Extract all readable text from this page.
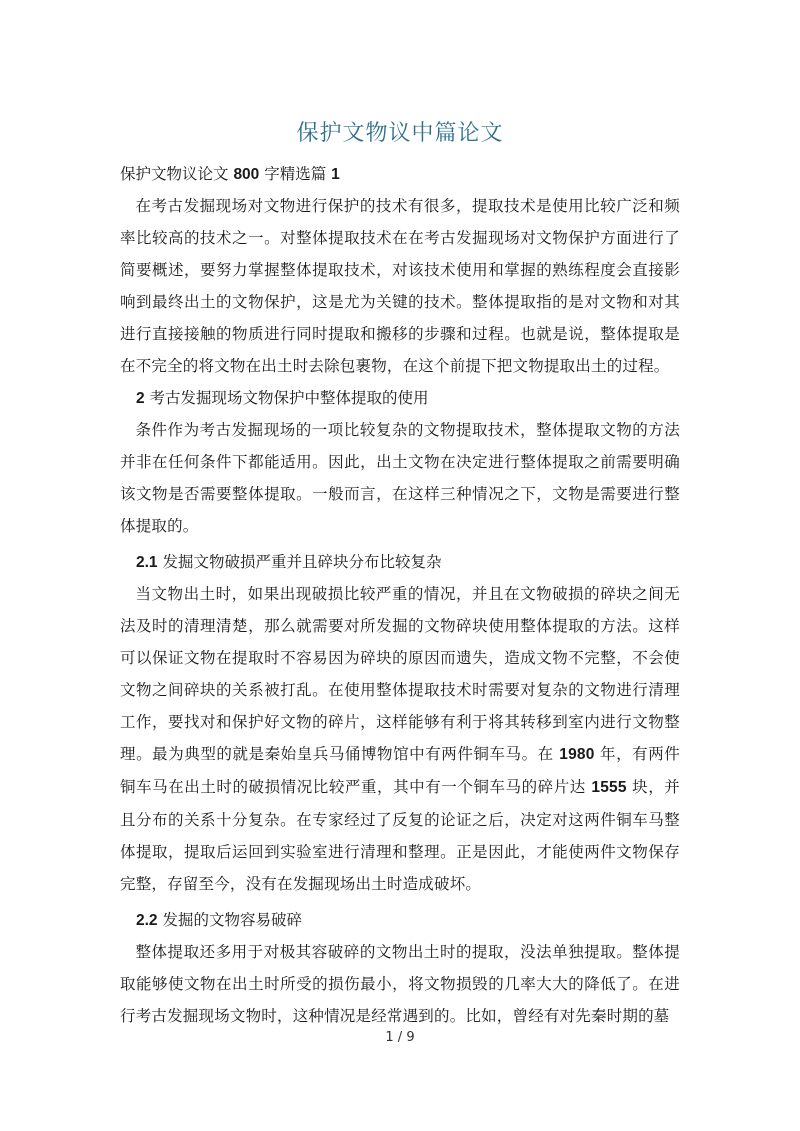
保护文物议中篇论文

保护文物议论文 800 字精选篇 1

在考古发掘现场对文物进行保护的技术有很多，提取技术是使用比较广泛和频率比较高的技术之一。对整体提取技术在在考古发掘现场对文物保护方面进行了简要概述，要努力掌握整体提取技术，对该技术使用和掌握的熟练程度会直接影响到最终出土的文物保护，这是尤为关键的技术。整体提取指的是对文物和对其进行直接接触的物质进行同时提取和搬移的步骤和过程。也就是说，整体提取是在不完全的将文物在出土时去除包裹物，在这个前提下把文物提取出土的过程。

2 考古发掘现场文物保护中整体提取的使用

条件作为考古发掘现场的一项比较复杂的文物提取技术，整体提取文物的方法并非在任何条件下都能适用。因此，出土文物在决定进行整体提取之前需要明确该文物是否需要整体提取。一般而言，在这样三种情况之下，文物是需要进行整体提取的。

2.1 发掘文物破损严重并且碎块分布比较复杂

当文物出土时，如果出现破损比较严重的情况，并且在文物破损的碎块之间无法及时的清理清楚，那么就需要对所发掘的文物碎块使用整体提取的方法。这样可以保证文物在提取时不容易因为碎块的原因而遗失，造成文物不完整，不会使文物之间碎块的关系被打乱。在使用整体提取技术时需要对复杂的文物进行清理工作，要找对和保护好文物的碎片，这样能够有利于将其转移到室内进行文物整理。最为典型的就是秦始皇兵马俑博物馆中有两件铜车马。在 1980 年，有两件铜车马在出土时的破损情况比较严重，其中有一个铜车马的碎片达 1555 块，并且分布的关系十分复杂。在专家经过了反复的论证之后，决定对这两件铜车马整体提取，提取后运回到实验室进行清理和整理。正是因此，才能使两件文物保存完整，存留至今，没有在发掘现场出土时造成破坏。

2.2 发掘的文物容易破碎

整体提取还多用于对极其容破碎的文物出土时的提取，没法单独提取。整体提取能够使文物在出土时所受的损伤最小，将文物损毁的几率大大的降低了。在进行考古发掘现场文物时，这种情况是经常遇到的。比如，曾经有对先秦时期的墓

1 / 9
